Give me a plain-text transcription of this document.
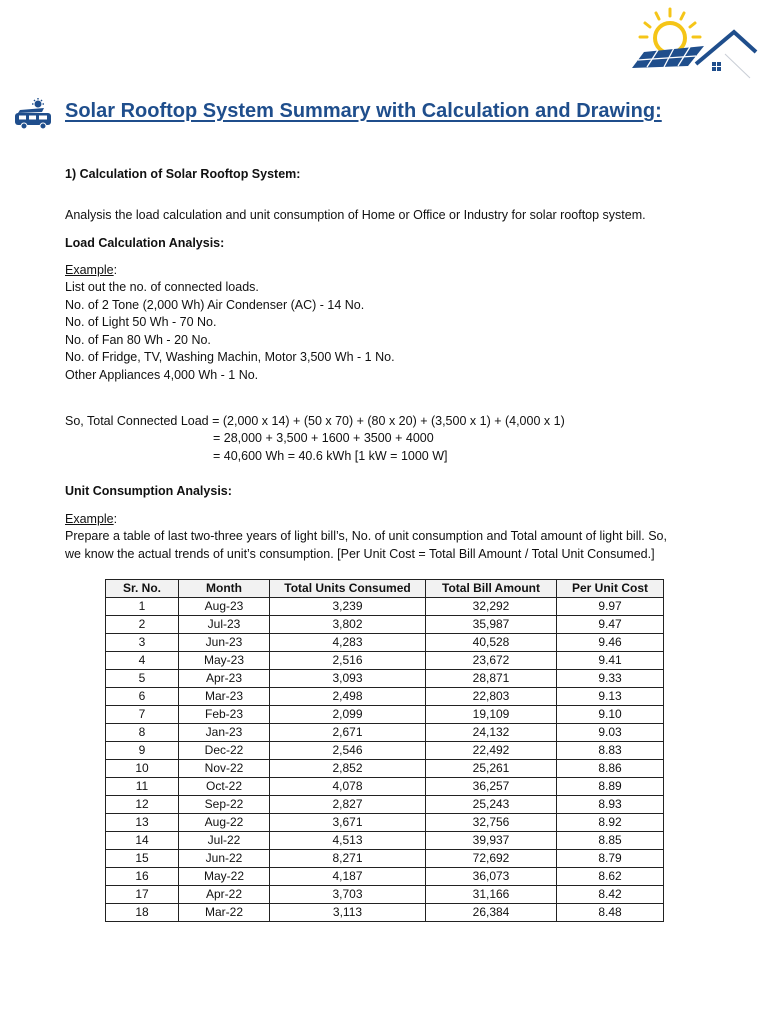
Solar Rooftop System Summary with Calculation and Drawing:
1) Calculation of Solar Rooftop System:
Analysis the load calculation and unit consumption of Home or Office or Industry for solar rooftop system.
Load Calculation Analysis:
Example:
List out the no. of connected loads.
No. of 2 Tone (2,000 Wh) Air Condenser (AC) - 14 No.
No. of Light 50 Wh - 70 No.
No. of Fan 80 Wh - 20 No.
No. of Fridge, TV, Washing Machin, Motor 3,500 Wh - 1 No.
Other Appliances 4,000 Wh - 1 No.
So, Total Connected Load = (2,000 x 14) + (50 x 70) + (80 x 20) + (3,500 x 1) + (4,000 x 1)
= 28,000 + 3,500 + 1600 + 3500 + 4000
= 40,600 Wh = 40.6 kWh [1 kW = 1000 W]
Unit Consumption Analysis:
Example:
Prepare a table of last two-three years of light bill’s, No. of unit consumption and Total amount of light bill. So,
we know the actual trends of unit’s consumption. [Per Unit Cost = Total Bill Amount / Total Unit Consumed.]
Sr. No.	Month	Total Units Consumed	Total Bill Amount	Per Unit Cost
1	Aug-23	3,239	32,292	9.97
2	Jul-23	3,802	35,987	9.47
3	Jun-23	4,283	40,528	9.46
4	May-23	2,516	23,672	9.41
5	Apr-23	3,093	28,871	9.33
6	Mar-23	2,498	22,803	9.13
7	Feb-23	2,099	19,109	9.10
8	Jan-23	2,671	24,132	9.03
9	Dec-22	2,546	22,492	8.83
10	Nov-22	2,852	25,261	8.86
11	Oct-22	4,078	36,257	8.89
12	Sep-22	2,827	25,243	8.93
13	Aug-22	3,671	32,756	8.92
14	Jul-22	4,513	39,937	8.85
15	Jun-22	8,271	72,692	8.79
16	May-22	4,187	36,073	8.62
17	Apr-22	3,703	31,166	8.42
18	Mar-22	3,113	26,384	8.48
